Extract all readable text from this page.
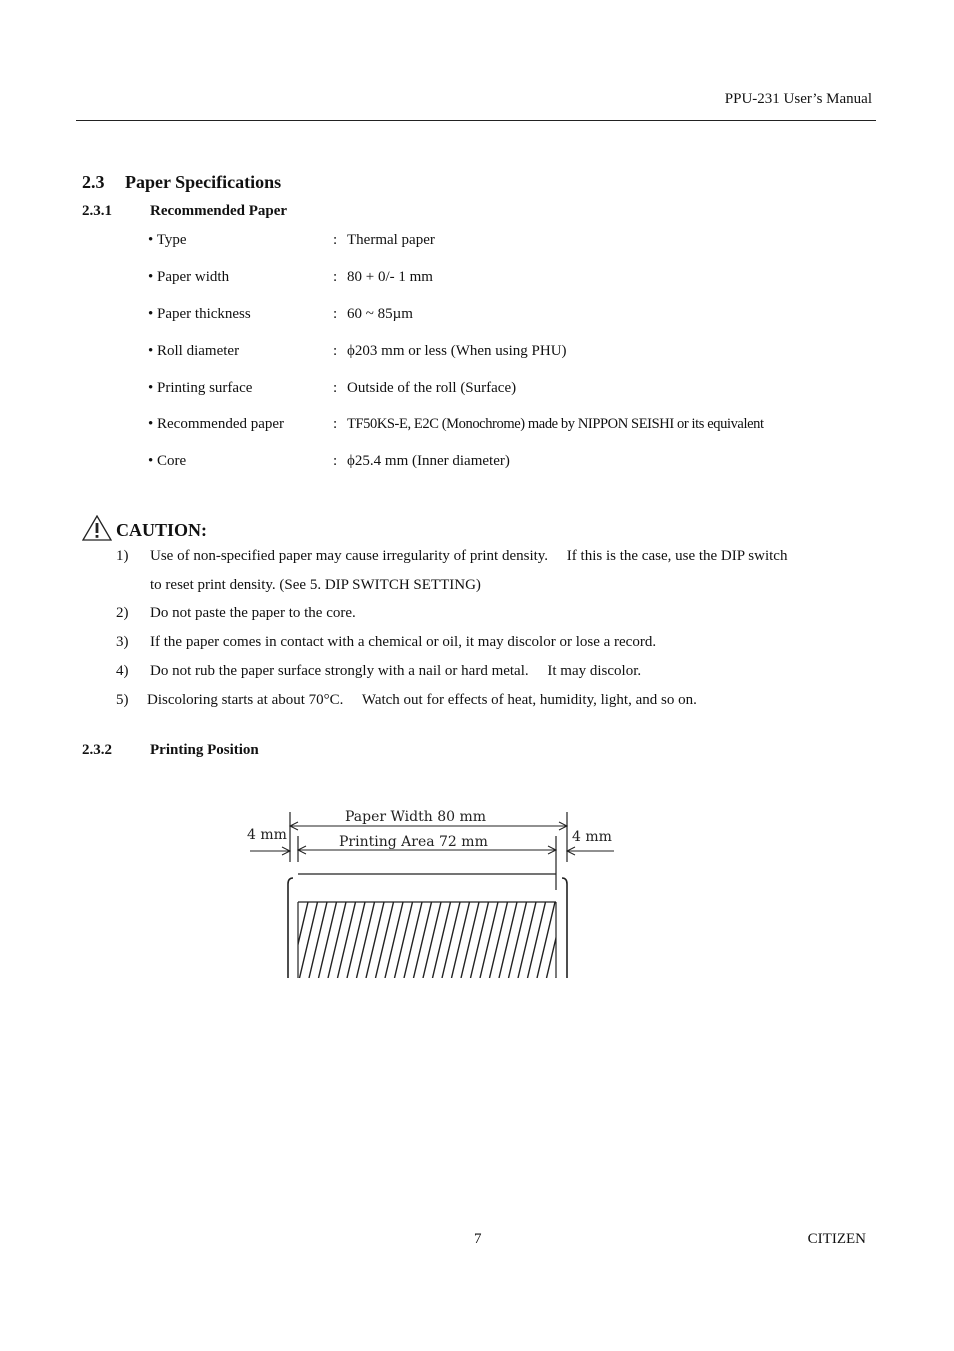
PPU-231 User’s Manual
2.3 Paper Specifications
2.3.1	Recommended Paper
• Type	: Thermal paper
• Paper width	: 80 + 0/- 1 mm
• Paper thickness	: 60 ~ 85µm
• Roll diameter	: ϕ203 mm or less (When using PHU)
• Printing surface	: Outside of the roll (Surface)
• Recommended paper	: TF50KS-E, E2C (Monochrome) made by NIPPON SEISHI or its equivalent
• Core	: ϕ25.4 mm (Inner diameter)
CAUTION:
1) Use of non-specified paper may cause irregularity of print density.  If this is the case, use the DIP switch
to reset print density. (See 5. DIP SWITCH SETTING)
2) Do not paste the paper to the core.
3) If the paper comes in contact with a chemical or oil, it may discolor or lose a record.
4) Do not rub the paper surface strongly with a nail or hard metal.  It may discolor.
5) Discoloring starts at about 70°C.  Watch out for effects of heat, humidity, light, and so on.
2.3.2	Printing Position
Paper Width 80 mm
Printing Area 72 mm
4 mm	4 mm
7	CITIZEN
